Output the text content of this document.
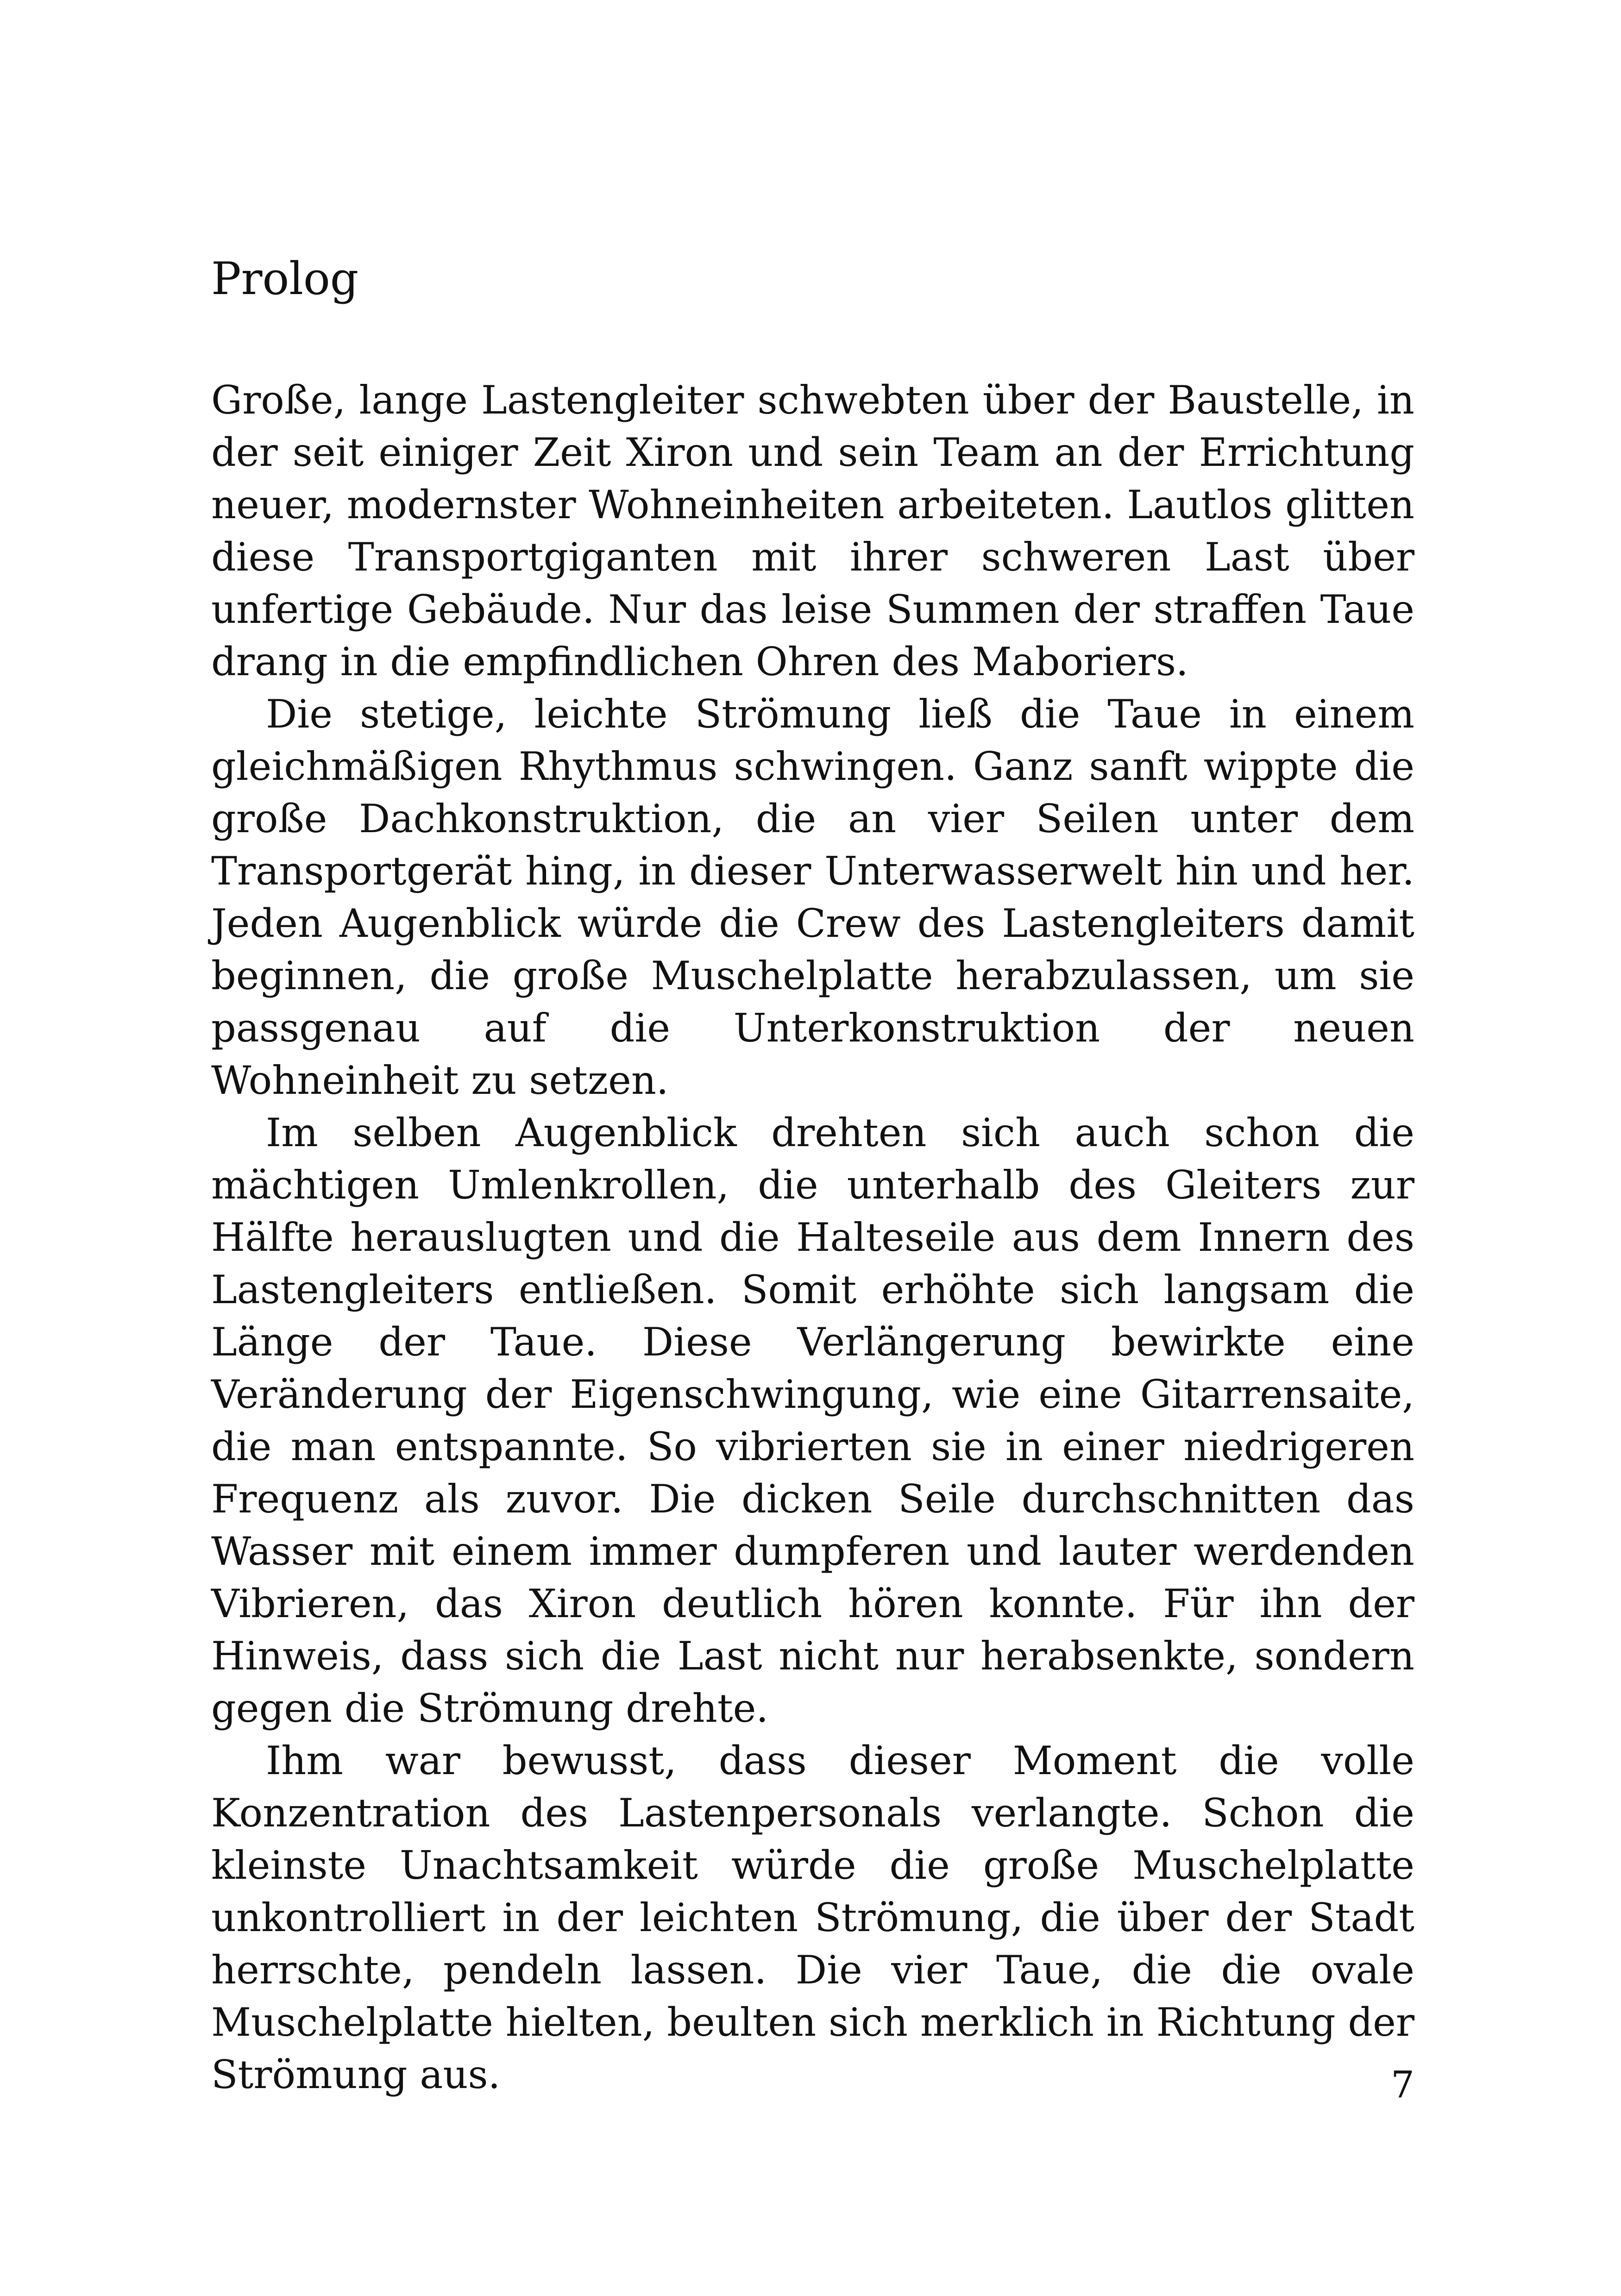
Prolog

Große, lange Lastengleiter schwebten über der Baustelle, in der seit einiger Zeit Xiron und sein Team an der Errichtung neuer, modernster Wohneinheiten arbeiteten. Lautlos glitten diese Transportgiganten mit ihrer schweren Last über unfertige Gebäude. Nur das leise Summen der straffen Taue drang in die empfindlichen Ohren des Maboriers.

Die stetige, leichte Strömung ließ die Taue in einem gleichmäßigen Rhythmus schwingen. Ganz sanft wippte die große Dachkonstruktion, die an vier Seilen unter dem Transportgerät hing, in dieser Unterwasserwelt hin und her. Jeden Augenblick würde die Crew des Lastengleiters damit beginnen, die große Muschelplatte herabzulassen, um sie passgenau auf die Unterkonstruktion der neuen Wohneinheit zu setzen.

Im selben Augenblick drehten sich auch schon die mächtigen Umlenkrollen, die unterhalb des Gleiters zur Hälfte herauslugten und die Halteseile aus dem Innern des Lastengleiters entließen. Somit erhöhte sich langsam die Länge der Taue. Diese Verlängerung bewirkte eine Veränderung der Eigenschwingung, wie eine Gitarrensaite, die man entspannte. So vibrierten sie in einer niedrigeren Frequenz als zuvor. Die dicken Seile durchschnitten das Wasser mit einem immer dumpferen und lauter werdenden Vibrieren, das Xiron deutlich hören konnte. Für ihn der Hinweis, dass sich die Last nicht nur herabsenkte, sondern gegen die Strömung drehte.

Ihm war bewusst, dass dieser Moment die volle Konzentration des Lastenpersonals verlangte. Schon die kleinste Unachtsamkeit würde die große Muschelplatte unkontrolliert in der leichten Strömung, die über der Stadt herrschte, pendeln lassen. Die vier Taue, die die ovale Muschelplatte hielten, beulten sich merklich in Richtung der Strömung aus.	7
